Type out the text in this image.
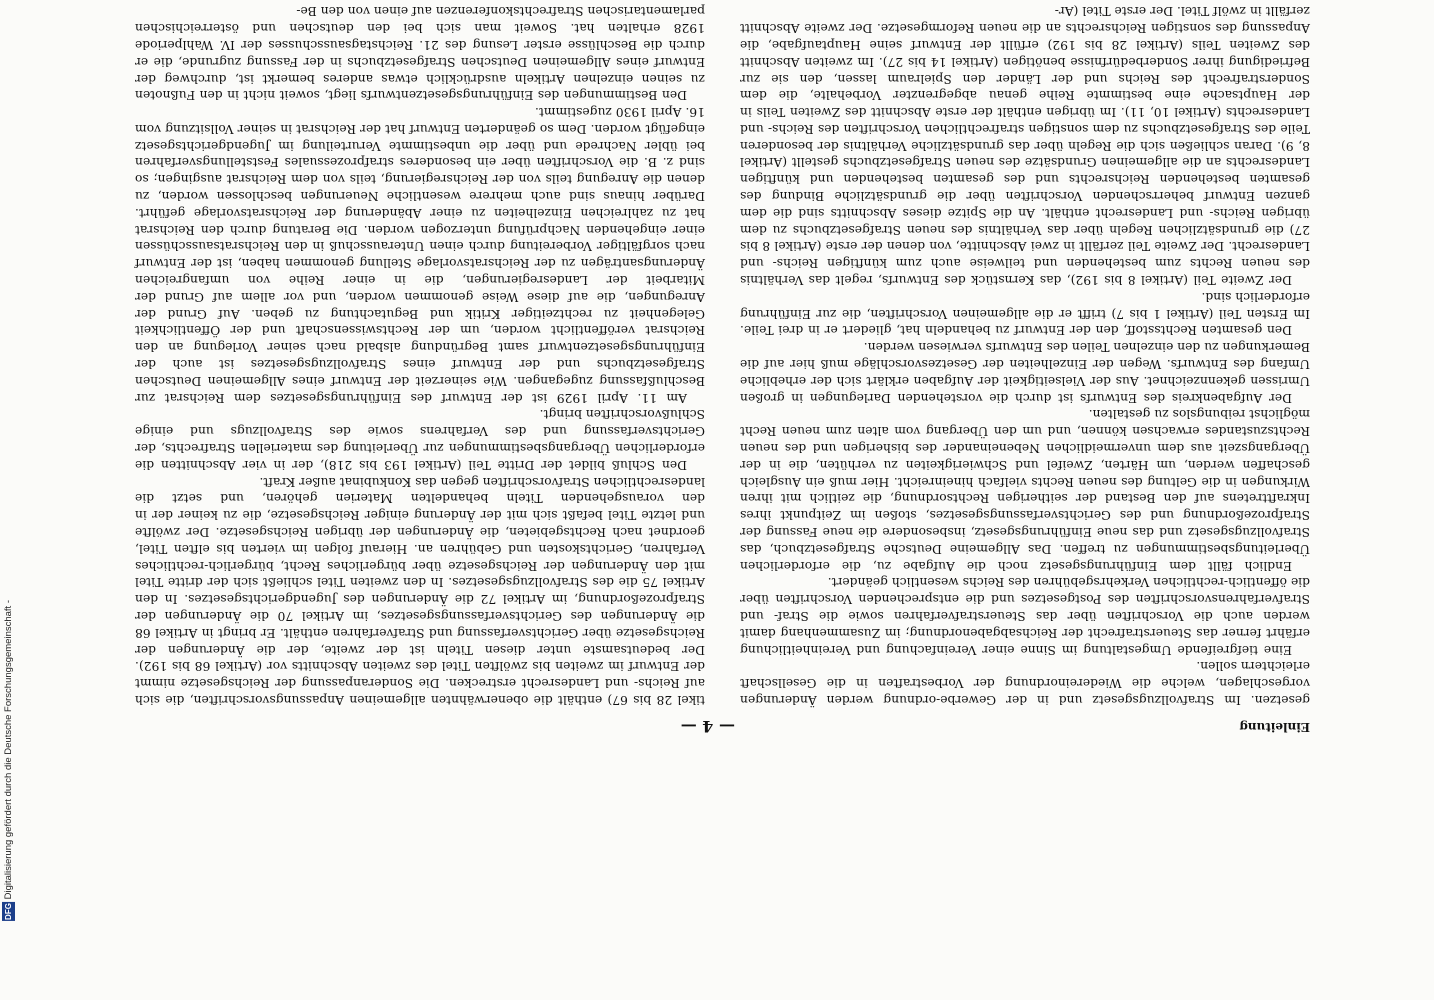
Einleitung
— 4 —

gesetzen. Im Strafvollzugsgesetz und in der Gewerbe-ordnung werden Änderungen vorgeschlagen, welche die Wiedereinordnung der Vorbestraften in die Gesellschaft erleichtern sollen.

Eine tiefgreifende Umgestaltung im Sinne einer Vereinfachung und Vereinheitlichung erfährt ferner das Steuerstrafrecht der Reichsabgabenordnung; im Zusammenhang damit werden auch die Vorschriften über das Steuerstrafverfahren sowie die Straf- und Strafverfahrensvorschriften des Postgesetzes und die entsprechenden Vorschriften über die öffentlich-rechtlichen Verkehrsgebühren des Reichs wesentlich geändert.

Endlich fällt dem Einführungsgesetz noch die Aufgabe zu, die erforderlichen Überleitungsbestimmungen zu treffen. Das Allgemeine Deutsche Strafgesetzbuch, das Strafvollzugsgesetz und das neue Einführungsgesetz, insbesondere die neue Fassung der Strafprozeßordnung und des Gerichtsverfassungsgesetzes, stoßen im Zeitpunkt ihres Inkrafttretens auf den Bestand der seitherigen Rechtsordnung, die zeitlich mit ihren Wirkungen in die Geltung des neuen Rechts vielfach hineinreicht. Hier muß ein Ausgleich geschaffen werden, um Härten, Zweifel und Schwierigkeiten zu verhüten, die in der Übergangszeit aus dem unvermeidlichen Nebeneinander des bisherigen und des neuen Rechtszustandes erwachsen können, und um den Übergang vom alten zum neuen Recht möglichst reibungslos zu gestalten.

Der Aufgabenkreis des Entwurfs ist durch die vorstehenden Darlegungen in großen Umrissen gekennzeichnet. Aus der Vielseitigkeit der Aufgaben erklärt sich der erhebliche Umfang des Entwurfs. Wegen der Einzelheiten der Gesetzesvorschläge muß hier auf die Bemerkungen zu den einzelnen Teilen des Entwurfs verwiesen werden.

Den gesamten Rechtsstoff, den der Entwurf zu behandeln hat, gliedert er in drei Teile. Im Ersten Teil (Artikel 1 bis 7) trifft er die allgemeinen Vorschriften, die zur Einführung erforderlich sind.

Der Zweite Teil (Artikel 8 bis 192), das Kernstück des Entwurfs, regelt das Verhältnis des neuen Rechts zum bestehenden und teilweise auch zum künftigen Reichs- und Landesrecht. Der Zweite Teil zerfällt in zwei Abschnitte, von denen der erste (Artikel 8 bis 27) die grundsätzlichen Regeln über das Verhältnis des neuen Strafgesetzbuchs zu dem übrigen Reichs- und Landesrecht enthält. An die Spitze dieses Abschnitts sind die dem ganzen Entwurf beherrschenden Vorschriften über die grundsätzliche Bindung des gesamten bestehenden Reichsrechts und des gesamten bestehenden und künftigen Landesrechts an die allgemeinen Grundsätze des neuen Strafgesetzbuchs gestellt (Artikel 8, 9). Daran schließen sich die Regeln über das grundsätzliche Verhältnis der besonderen Teile des Strafgesetzbuchs zu dem sonstigen strafrechtlichen Vorschriften des Reichs- und Landesrechts (Artikel 10, 11). Im übrigen enthält der erste Abschnitt des Zweiten Teils in der Hauptsache eine bestimmte Reihe genau abgegrenzter Vorbehalte, die dem Sonderstrafrecht des Reichs und der Länder den Spielraum lassen, den sie zur Befriedigung ihrer Sonderbedürfnisse benötigen (Artikel 14 bis 27). Im zweiten Abschnitt des Zweiten Teils (Artikel 28 bis 192) erfüllt der Entwurf seine Hauptaufgabe, die Anpassung des sonstigen Reichsrechts an die neuen Reformgesetze. Der zweite Abschnitt zerfällt in zwölf Titel. Der erste Titel (Ar-

tikel 28 bis 67) enthält die obenerwähnten allgemeinen Anpassungsvorschriften, die sich auf Reichs- und Landesrecht erstrecken. Die Sonderanpassung der Reichsgesetze nimmt der Entwurf im zweiten bis zwölften Titel des zweiten Abschnitts vor (Artikel 68 bis 192). Der bedeutsamste unter diesen Titeln ist der zweite, der die Änderungen der Reichsgesetze über Gerichtsverfassung und Strafverfahren enthält. Er bringt in Artikel 68 die Änderungen des Gerichtsverfassungsgesetzes, im Artikel 70 die Änderungen der Strafprozeßordnung, im Artikel 72 die Änderungen des Jugendgerichtsgesetzes. In den Artikel 75 die des Strafvollzugsgesetzes. In den zweiten Titel schließt sich der dritte Titel mit den Änderungen der Reichsgesetze über bürgerliches Recht, bürgerlich-rechtliches Verfahren, Gerichtskosten und Gebühren an. Hierauf folgen im vierten bis elften Titel, geordnet nach Rechtsgebieten, die Änderungen der übrigen Reichsgesetze. Der zwölfte und letzte Titel befaßt sich mit der Änderung einiger Reichsgesetze, die zu keiner der in den vorausgehenden Titeln behandelten Materien gehören, und setzt die landesrechtlichen Strafvorschriften gegen das Konkubinat außer Kraft.

Den Schluß bildet der Dritte Teil (Artikel 193 bis 218), der in vier Abschnitten die erforderlichen Übergangsbestimmungen zur Überleitung des materiellen Strafrechts, der Gerichtsverfassung und des Verfahrens sowie des Strafvollzugs und einige Schlußvorschriften bringt.

Am 11. April 1929 ist der Entwurf des Einführungsgesetzes dem Reichsrat zur Beschlußfassung zugegangen. Wie seinerzeit der Entwurf eines Allgemeinen Deutschen Strafgesetzbuchs und der Entwurf eines Strafvollzugsgesetzes ist auch der Einführungsgesetzentwurf samt Begründung alsbald nach seiner Vorlegung an den Reichsrat veröffentlicht worden, um der Rechtswissenschaft und der Öffentlichkeit Gelegenheit zu rechtzeitiger Kritik und Begutachtung zu geben. Auf Grund der Anregungen, die auf diese Weise genommen worden, und vor allem auf Grund der Mitarbeit der Landesregierungen, die in einer Reihe von umfangreichen Änderungsanträgen zu der Reichsratsvorlage Stellung genommen haben, ist der Entwurf nach sorgfältiger Vorbereitung durch einen Unterausschuß in den Reichsratsausschüssen einer eingehenden Nachprüfung unterzogen worden. Die Beratung durch den Reichsrat hat zu zahlreichen Einzelheiten zu einer Abänderung der Reichsratsvorlage geführt. Darüber hinaus sind auch mehrere wesentliche Neuerungen beschlossen worden, zu denen die Anregung teils von der Reichsregierung, teils von dem Reichsrat ausgingen; so sind z. B. die Vorschriften über ein besonderes strafprozessuales Feststellungsverfahren bei übler Nachrede und über die unbestimmte Verurteilung im Jugendgerichtsgesetz eingefügt worden. Dem so geänderten Entwurf hat der Reichsrat in seiner Vollsitzung vom 16. April 1930 zugestimmt.

Den Bestimmungen des Einführungsgesetzentwurfs liegt, soweit nicht in den Fußnoten zu seinen einzelnen Artikeln ausdrücklich etwas anderes bemerkt ist, durchweg der Entwurf eines Allgemeinen Deutschen Strafgesetzbuchs in der Fassung zugrunde, die er durch die Beschlüsse erster Lesung des 21. Reichstagsausschusses der IV. Wahlperiode 1928 erhalten hat. Soweit man sich bei den deutschen und österreichischen parlamentarischen Strafrechtskonferenzen auf einen von den Be-

DFG Digitalisierung gefördert durch die Deutsche Forschungsgemeinschaft -
